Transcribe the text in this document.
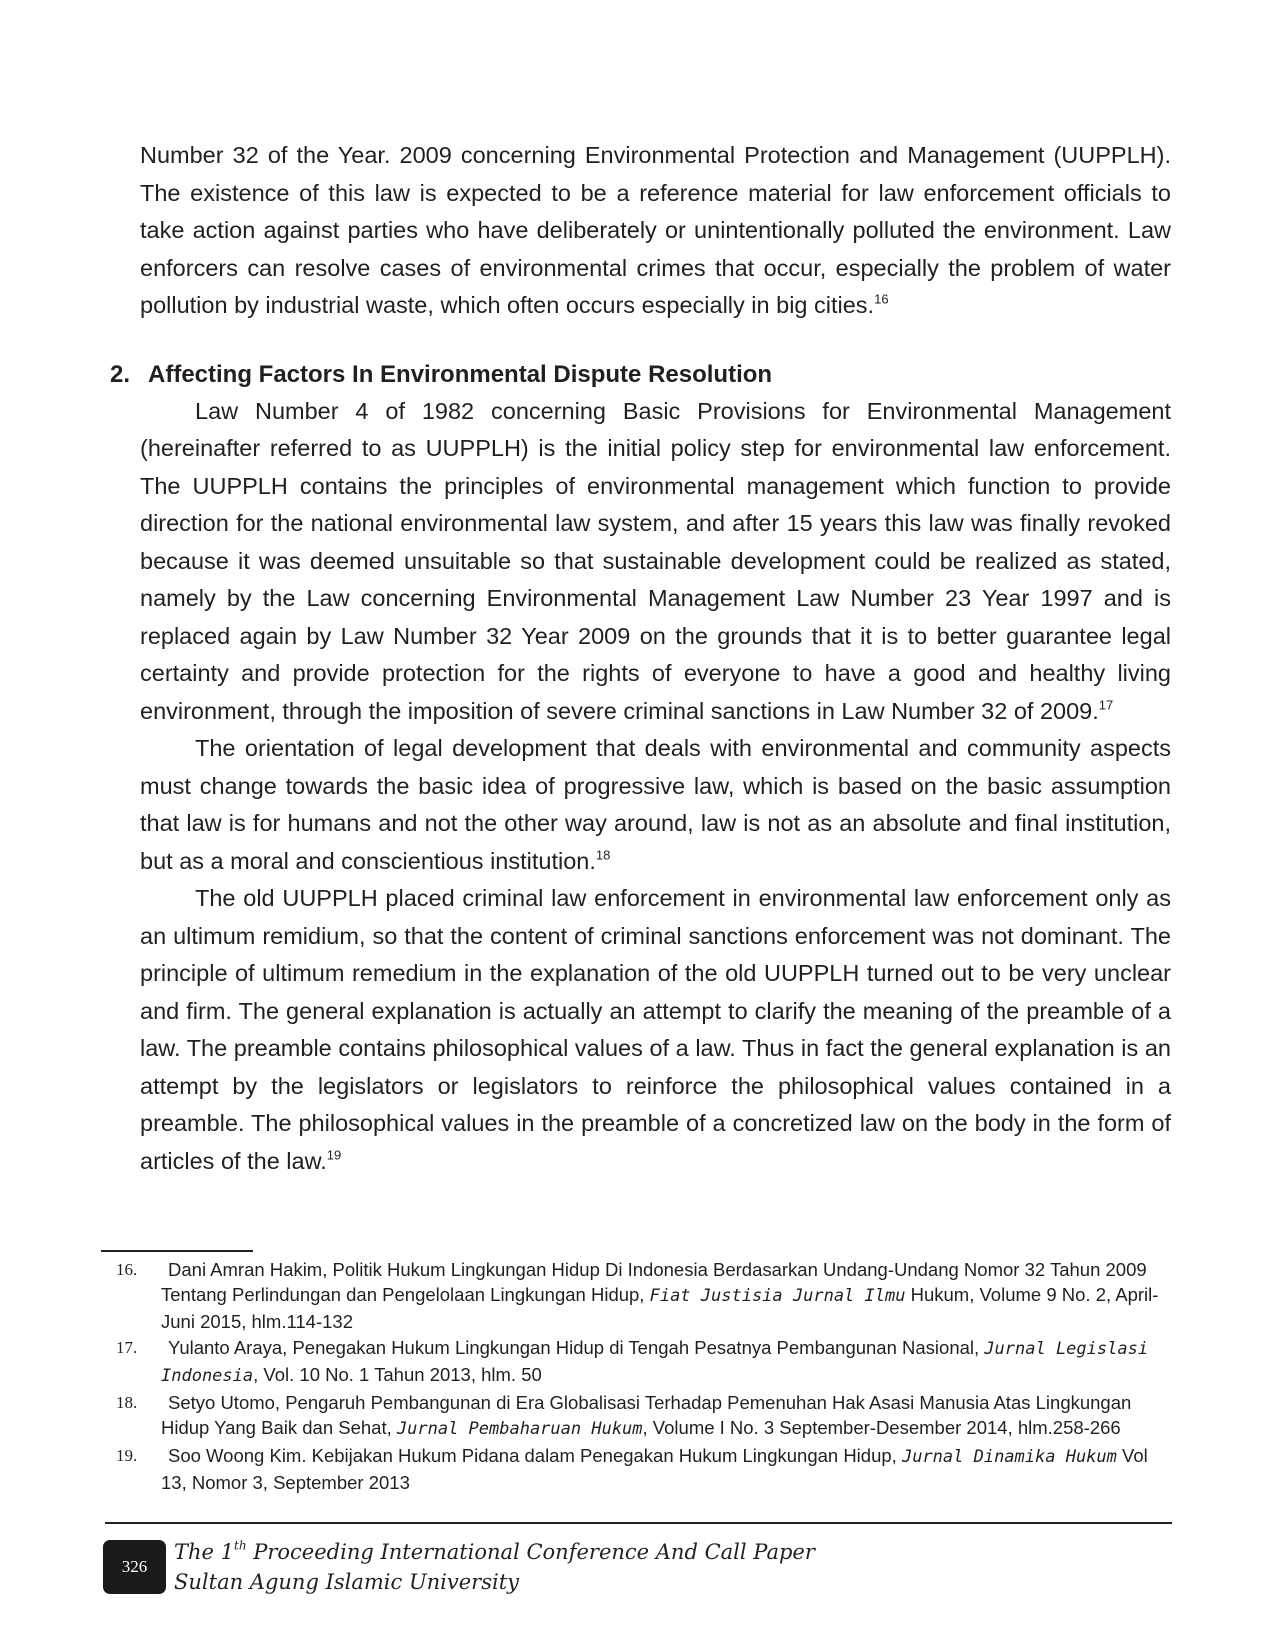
Number 32 of the Year. 2009 concerning Environmental Protection and Management (UUPPLH). The existence of this law is expected to be a reference material for law enforcement officials to take action against parties who have deliberately or unintentionally polluted the environment. Law enforcers can resolve cases of environmental crimes that occur, especially the problem of water pollution by industrial waste, which often occurs especially in big cities.$^{16}$

2. Affecting Factors In Environmental Dispute Resolution

Law Number 4 of 1982 concerning Basic Provisions for Environmental Management (hereinafter referred to as UUPPLH) is the initial policy step for environmental law enforcement. The UUPPLH contains the principles of environmental management which function to provide direction for the national environmental law system, and after 15 years this law was finally revoked because it was deemed unsuitable so that sustainable development could be realized as stated, namely by the Law concerning Environmental Management Law Number 23 Year 1997 and is replaced again by Law Number 32 Year 2009 on the grounds that it is to better guarantee legal certainty and provide protection for the rights of everyone to have a good and healthy living environment, through the imposition of severe criminal sanctions in Law Number 32 of 2009.17

The orientation of legal development that deals with environmental and community aspects must change towards the basic idea of progressive law, which is based on the basic assumption that law is for humans and not the other way around, law is not as an absolute and final institution, but as a moral and conscientious institution.$^{18}$

The old UUPPLH placed criminal law enforcement in environmental law enforcement only as an ultimum remidium, so that the content of criminal sanctions enforcement was not dominant. The principle of ultimum remedium in the explanation of the old UUPPLH turned out to be very unclear and firm. The general explanation is actually an attempt to clarify the meaning of the preamble of a law. The preamble contains philosophical values of a law. Thus in fact the general explanation is an attempt by the legislators or legislators to reinforce the philosophical values contained in a preamble. The philosophical values in the preamble of a concretized law on the body in the form of articles of the law.$^{19}$

16. Dani Amran Hakim, Politik Hukum Lingkungan Hidup Di Indonesia Berdasarkan Undang-Undang Nomor 32 Tahun 2009 Tentang Perlindungan dan Pengelolaan Lingkungan Hidup, Fiat Justisia Jurnal Ilmu Hukum, Volume 9 No. 2, April-Juni 2015, hlm.114-132
17. Yulanto Araya, Penegakan Hukum Lingkungan Hidup di Tengah Pesatnya Pembangunan Nasional, Jurnal Legislasi Indonesia, Vol. 10 No. 1 Tahun 2013, hlm. 50
18. Setyo Utomo, Pengaruh Pembangunan di Era Globalisasi Terhadap Pemenuhan Hak Asasi Manusia Atas Lingkungan Hidup Yang Baik dan Sehat, Jurnal Pembaharuan Hukum, Volume I No. 3 September-Desember 2014, hlm.258-266
19. Soo Woong Kim. Kebijakan Hukum Pidana dalam Penegakan Hukum Lingkungan Hidup, Jurnal Dinamika Hukum Vol 13, Nomor 3, September 2013
326
The 1th Proceeding International Conference And Call Paper
Sultan Agung Islamic University
